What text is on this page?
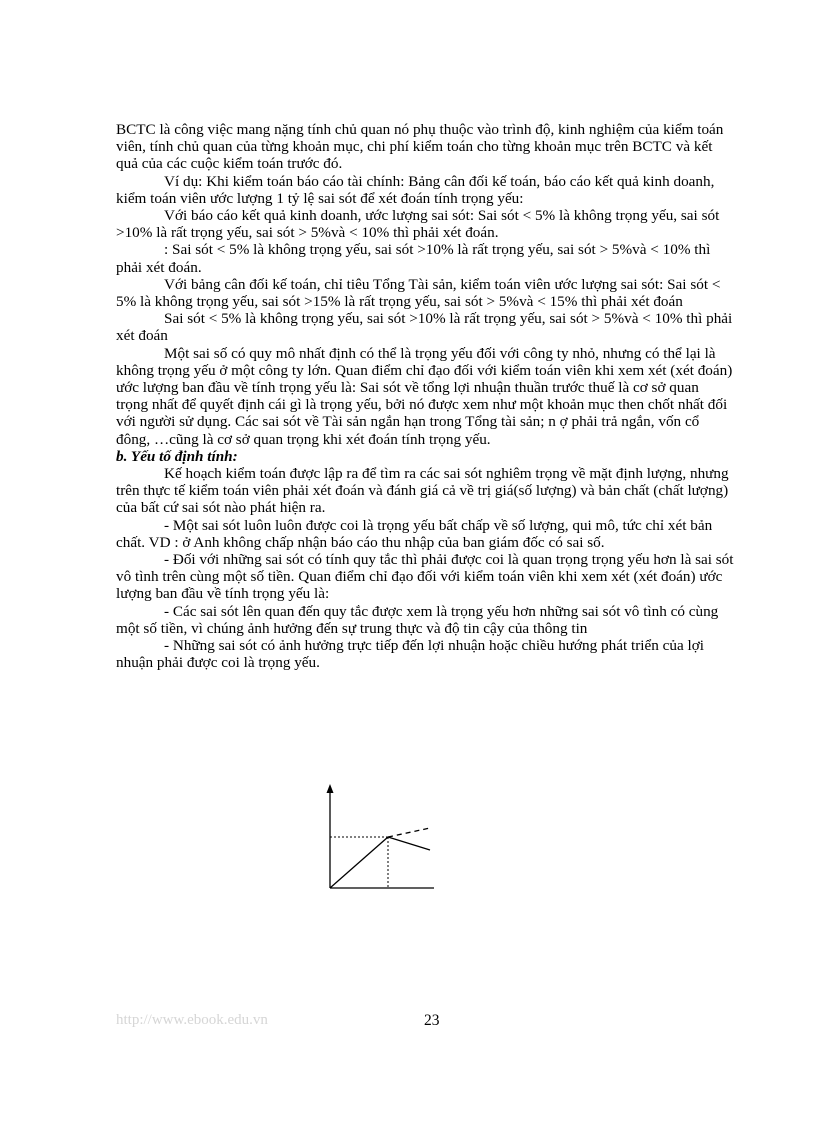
BCTC là công việc mang nặng tính chủ quan nó phụ thuộc vào trình độ, kinh nghiệm của kiểm toán viên, tính chủ quan của từng khoản mục, chi phí kiểm toán cho từng khoản mục trên BCTC và kết quả của các cuộc kiểm toán trước đó.

Ví dụ: Khi kiểm toán báo cáo tài chính: Bảng cân đối kế toán, báo cáo kết quả kinh doanh, kiểm toán viên ước lượng 1 tỷ lệ sai sót để xét đoán tính trọng yếu:

Với báo cáo kết quả kinh doanh, ước lượng sai sót: Sai sót < 5% là không trọng yếu, sai sót >10% là rất trọng yếu, sai sót > 5%và < 10% thì phải xét đoán.

: Sai sót < 5% là không trọng yếu, sai sót >10% là rất trọng yếu, sai sót > 5%và < 10% thì phải xét đoán.

Với bảng cân đối kế toán, chỉ tiêu Tổng Tài sản, kiểm toán viên ước lượng sai sót: Sai sót < 5% là không trọng yếu, sai sót >15% là rất trọng yếu, sai sót > 5%và < 15% thì phải xét đoán

Sai sót < 5% là không trọng yếu, sai sót >10% là rất trọng yếu, sai sót > 5%và < 10% thì phải xét đoán

Một sai số có quy mô nhất định có thể là trọng yếu đối với công ty nhỏ, nhưng có thể lại là không trọng yếu ở một công ty lớn. Quan điểm chỉ đạo đối với kiểm toán viên khi xem xét (xét đoán) ước lượng ban đầu về tính trọng yếu là: Sai sót về tổng lợi nhuận thuần trước thuế là cơ sở quan trọng nhất để quyết định cái gì là trọng yếu, bởi nó được xem như một khoản mục then chốt nhất đối với người sử dụng. Các sai sót về Tài sản ngắn hạn trong Tổng tài sản; n ợ phải trả ngắn, vốn cổ đông, …cũng là cơ sở quan trọng khi xét đoán tính trọng yếu.

b. Yếu tố định tính:

Kế hoạch kiểm toán được lập ra để tìm ra các sai sót nghiêm trọng về mặt định lượng, nhưng trên thực tế kiểm toán viên phải xét đoán và đánh giá cả về trị giá(số lượng) và bản chất (chất lượng) của bất cứ sai sót nào phát hiện ra.

- Một sai sót luôn luôn được coi là trọng yếu bất chấp về số lượng, qui mô, tức chỉ xét bản chất. VD : ở Anh không chấp nhận báo cáo thu nhập của ban giám đốc có sai số.

- Đối với những sai sót có tính quy tắc thì phải được coi là quan trọng trọng yếu hơn là sai sót vô tình trên cùng một số tiền. Quan điểm chỉ đạo đối với kiểm toán viên khi xem xét (xét đoán) ước lượng ban đầu về tính trọng yếu là:

- Các sai sót lên quan đến quy tắc được xem là trọng yếu hơn những sai sót vô tình có cùng một số tiền, vì chúng ảnh hưởng đến sự trung thực và độ tin cậy của thông tin

- Những sai sót có ảnh hưởng trực tiếp đến lợi nhuận hoặc chiều hướng phát triển của lợi nhuận phải được coi là trọng yếu.

http://www.ebook.edu.vn	23
